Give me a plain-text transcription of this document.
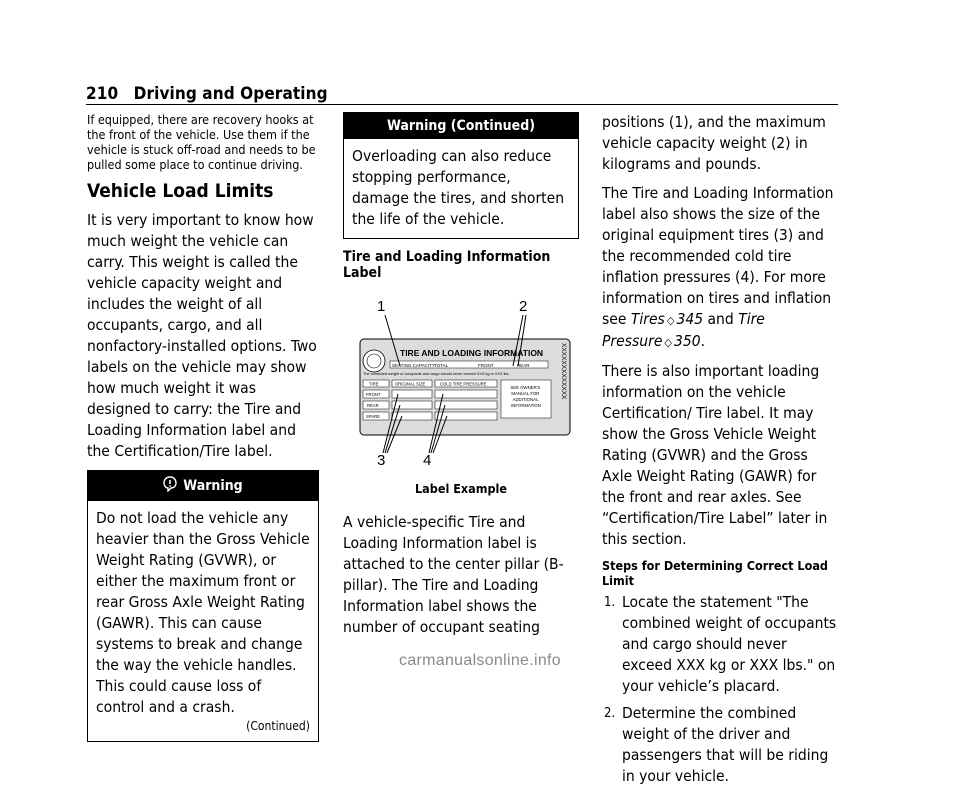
210 Driving and Operating

If equipped, there are recovery hooks at the front of the vehicle. Use them if the vehicle is stuck off-road and needs to be pulled some place to continue driving.

Vehicle Load Limits

It is very important to know how much weight the vehicle can carry. This weight is called the vehicle capacity weight and includes the weight of all occupants, cargo, and all nonfactory-installed options. Two labels on the vehicle may show how much weight it was designed to carry: the Tire and Loading Information label and the Certification/Tire label.

Warning
Do not load the vehicle any heavier than the Gross Vehicle Weight Rating (GVWR), or either the maximum front or rear Gross Axle Weight Rating (GAWR). This can cause systems to break and change the way the vehicle handles. This could cause loss of control and a crash.
(Continued)
Warning (Continued)
Overloading can also reduce stopping performance, damage the tires, and shorten the life of the vehicle.
Tire and Loading Information Label
1	2
3	4
TIRE AND LOADING INFORMATION
SEATING CAPACITY TOTAL	FRONT	REAR
The combined weight of occupants and cargo should never exceed XXX kg or XXX lbs.
TIRE	ORIGINAL SIZE	COLD TIRE PRESSURE
FRONT
REAR
SPARE
SEE OWNER'S MANUAL FOR ADDITIONAL INFORMATION
XXXXXXXXXXXXX
Label Example

A vehicle-specific Tire and Loading Information label is attached to the center pillar (B-pillar). The Tire and Loading Information label shows the number of occupant seating

positions (1), and the maximum vehicle capacity weight (2) in kilograms and pounds.

The Tire and Loading Information label also shows the size of the original equipment tires (3) and the recommended cold tire inflation pressures (4). For more information on tires and inflation see Tires ◇ 345 and Tire Pressure ◇ 350.

There is also important loading information on the vehicle Certification/ Tire label. It may show the Gross Vehicle Weight Rating (GVWR) and the Gross Axle Weight Rating (GAWR) for the front and rear axles. See “Certification/Tire Label” later in this section.

Steps for Determining Correct Load Limit
1. Locate the statement "The combined weight of occupants and cargo should never exceed XXX kg or XXX lbs." on your vehicle’s placard.
2. Determine the combined weight of the driver and passengers that will be riding in your vehicle.
carmanualsonline.info
